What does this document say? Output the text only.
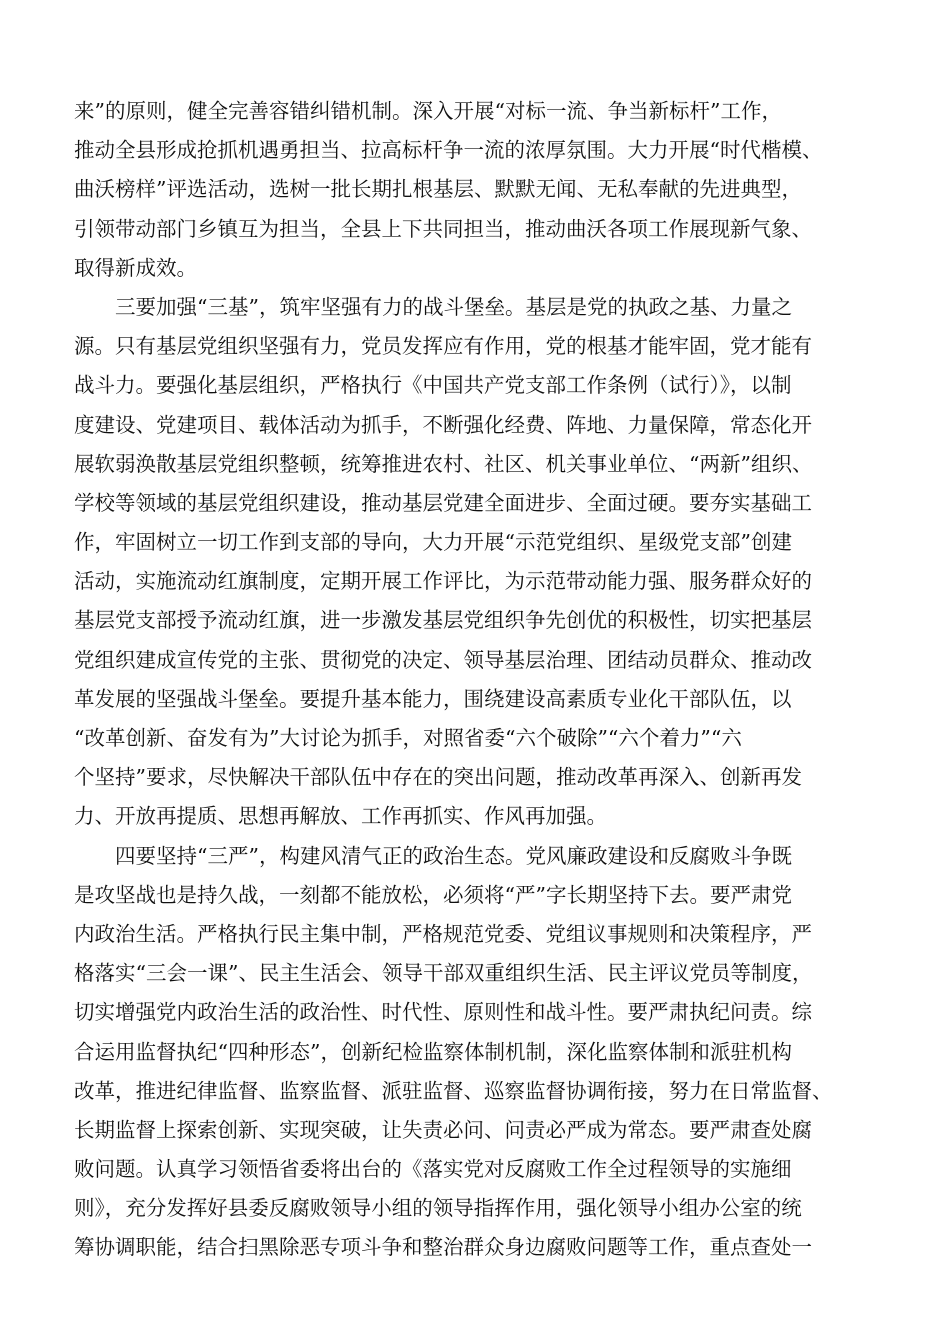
来”的原则，健全完善容错纠错机制。深入开展“对标一流、争当新标杆”工作，
推动全县形成抢抓机遇勇担当、拉高标杆争一流的浓厚氛围。大力开展“时代楷模、
曲沃榜样”评选活动，选树一批长期扎根基层、默默无闻、无私奉献的先进典型，
引领带动部门乡镇互为担当，全县上下共同担当，推动曲沃各项工作展现新气象、
取得新成效。
三要加强“三基”，筑牢坚强有力的战斗堡垒。基层是党的执政之基、力量之
源。只有基层党组织坚强有力，党员发挥应有作用，党的根基才能牢固，党才能有
战斗力。要强化基层组织，严格执行《中国共产党支部工作条例（试行）》，以制
度建设、党建项目、载体活动为抓手，不断强化经费、阵地、力量保障，常态化开
展软弱涣散基层党组织整顿，统筹推进农村、社区、机关事业单位、“两新”组织、
学校等领域的基层党组织建设，推动基层党建全面进步、全面过硬。要夯实基础工
作，牢固树立一切工作到支部的导向，大力开展“示范党组织、星级党支部”创建
活动，实施流动红旗制度，定期开展工作评比，为示范带动能力强、服务群众好的
基层党支部授予流动红旗，进一步激发基层党组织争先创优的积极性，切实把基层
党组织建成宣传党的主张、贯彻党的决定、领导基层治理、团结动员群众、推动改
革发展的坚强战斗堡垒。要提升基本能力，围绕建设高素质专业化干部队伍，以
“改革创新、奋发有为”大讨论为抓手，对照省委“六个破除”“六个着力”“六
个坚持”要求，尽快解决干部队伍中存在的突出问题，推动改革再深入、创新再发
力、开放再提质、思想再解放、工作再抓实、作风再加强。
四要坚持“三严”，构建风清气正的政治生态。党风廉政建设和反腐败斗争既
是攻坚战也是持久战，一刻都不能放松，必须将“严”字长期坚持下去。要严肃党
内政治生活。严格执行民主集中制，严格规范党委、党组议事规则和决策程序，严
格落实“三会一课”、民主生活会、领导干部双重组织生活、民主评议党员等制度，
切实增强党内政治生活的政治性、时代性、原则性和战斗性。要严肃执纪问责。综
合运用监督执纪“四种形态”，创新纪检监察体制机制，深化监察体制和派驻机构
改革，推进纪律监督、监察监督、派驻监督、巡察监督协调衔接，努力在日常监督、
长期监督上探索创新、实现突破，让失责必问、问责必严成为常态。要严肃查处腐
败问题。认真学习领悟省委将出台的《落实党对反腐败工作全过程领导的实施细
则》，充分发挥好县委反腐败领导小组的领导指挥作用，强化领导小组办公室的统
筹协调职能，结合扫黑除恶专项斗争和整治群众身边腐败问题等工作，重点查处一
